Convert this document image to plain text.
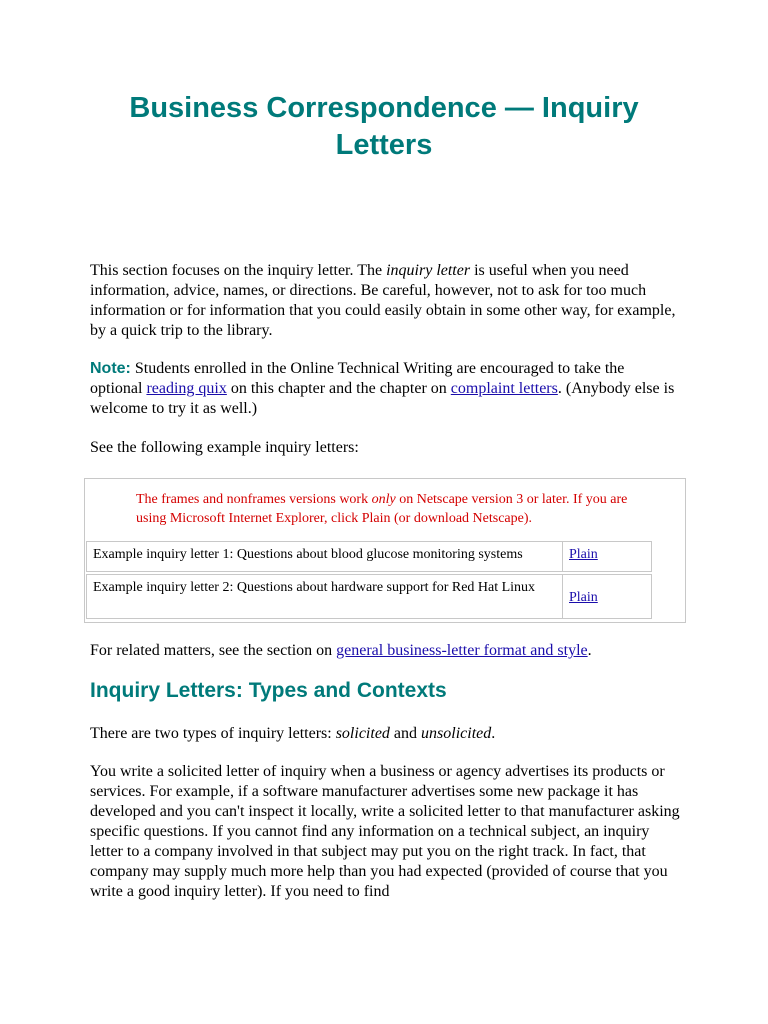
Business Correspondence — Inquiry Letters

This section focuses on the inquiry letter. The inquiry letter is useful when you need information, advice, names, or directions. Be careful, however, not to ask for too much information or for information that you could easily obtain in some other way, for example, by a quick trip to the library.

Note: Students enrolled in the Online Technical Writing are encouraged to take the optional reading quix on this chapter and the chapter on complaint letters. (Anybody else is welcome to try it as well.)

See the following example inquiry letters:

The frames and nonframes versions work only on Netscape version 3 or later. If you are using Microsoft Internet Explorer, click Plain (or download Netscape).
Example inquiry letter 1: Questions about blood glucose monitoring systems	Plain
Example inquiry letter 2: Questions about hardware support for Red Hat Linux
Plain

For related matters, see the section on general business-letter format and style.

Inquiry Letters: Types and Contexts

There are two types of inquiry letters: solicited and unsolicited.

You write a solicited letter of inquiry when a business or agency advertises its products or services. For example, if a software manufacturer advertises some new package it has developed and you can't inspect it locally, write a solicited letter to that manufacturer asking specific questions. If you cannot find any information on a technical subject, an inquiry letter to a company involved in that subject may put you on the right track. In fact, that company may supply much more help than you had expected (provided of course that you write a good inquiry letter). If you need to find
